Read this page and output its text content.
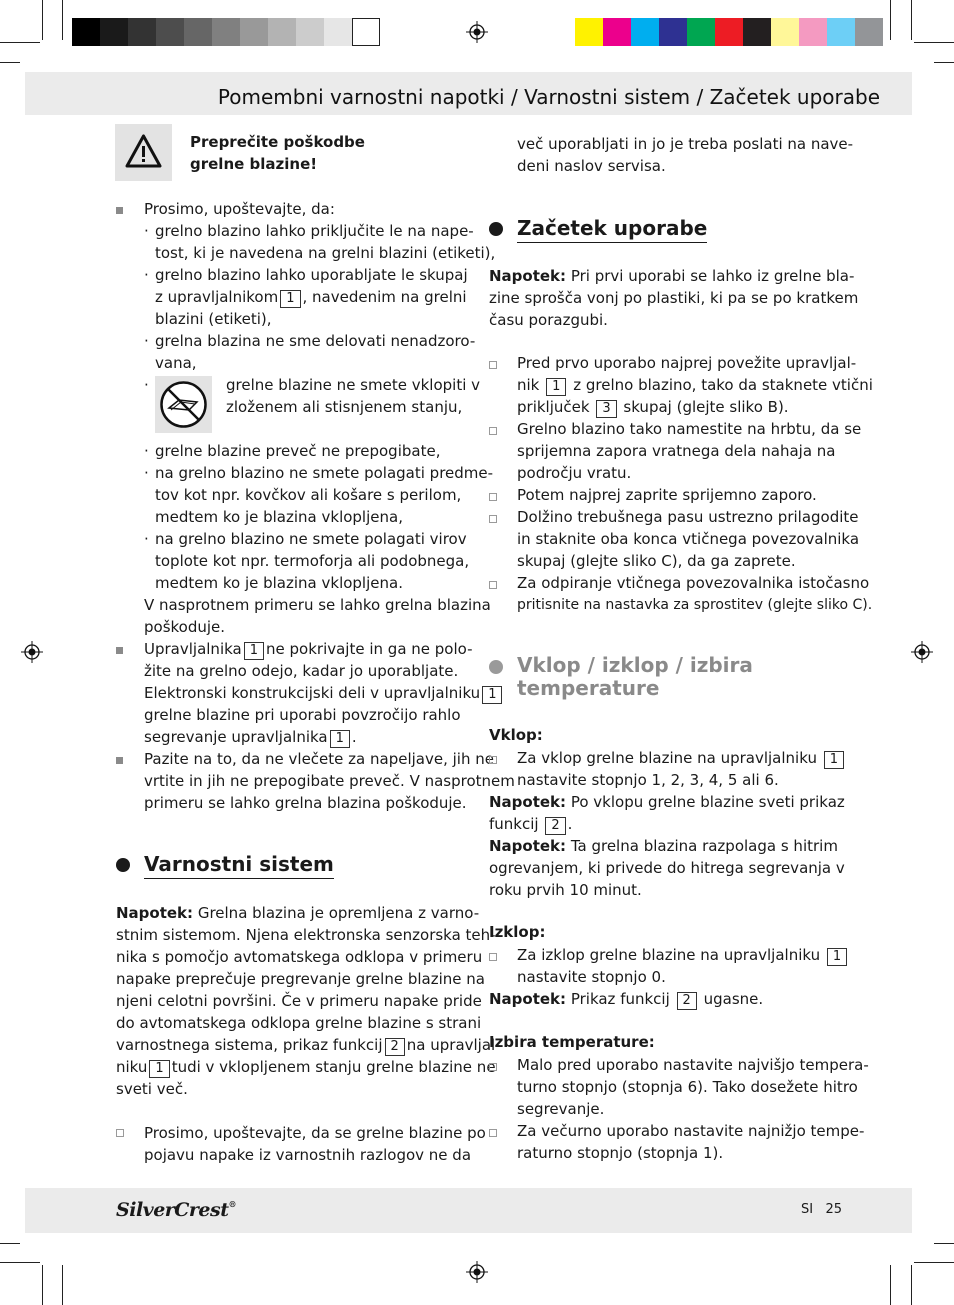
Pomembni varnostni napotki / Varnostni sistem / Začetek uporabe
Preprečite poškodbe
grelne blazine!
Prosimo, upoštevajte, da:
· grelno blazino lahko priključite le na nape-
tost, ki je navedena na grelni blazini (etiketi),
· grelno blazino lahko uporabljate le skupaj
z upravljalnikom 1 , navedenim na grelni
blazini (etiketi),
· grelna blazina ne sme delovati nenadzoro-
vana,
·	grelne blazine ne smete vklopiti v
zloženem ali stisnjenem stanju,
· grelne blazine preveč ne prepogibate,
· na grelno blazino ne smete polagati predme-
tov kot npr. kovčkov ali košare s perilom,
medtem ko je blazina vklopljena,
· na grelno blazino ne smete polagati virov
toplote kot npr. termoforja ali podobnega,
medtem ko je blazina vklopljena.
V nasprotnem primeru se lahko grelna blazina
poškoduje.
Upravljalnika 1 ne pokrivajte in ga ne polo-
žite na grelno odejo, kadar jo uporabljate.
Elektronski konstrukcijski deli v upravljalniku 1
grelne blazine pri uporabi povzročijo rahlo
segrevanje upravljalnika 1 .
Pazite na to, da ne vlečete za napeljave, jih ne
vrtite in jih ne prepogibate preveč. V nasprotnem
primeru se lahko grelna blazina poškoduje.
Varnostni sistem
Napotek: Grelna blazina je opremljena z varno-
stnim sistemom. Njena elektronska senzorska teh-
nika s pomočjo avtomatskega odklopa v primeru
napake preprečuje pregrevanje grelne blazine na
njeni celotni površini. Če v primeru napake pride
do avtomatskega odklopa grelne blazine s strani
varnostnega sistema, prikaz funkcij 2 na upravljal-
niku 1 tudi v vklopljenem stanju grelne blazine ne
sveti več.
Prosimo, upoštevajte, da se grelne blazine po
pojavu napake iz varnostnih razlogov ne da
več uporabljati in jo je treba poslati na nave-
deni naslov servisa.
Začetek uporabe
Napotek: Pri prvi uporabi se lahko iz grelne bla-
zine sprošča vonj po plastiki, ki pa se po kratkem
času porazgubi.
Pred prvo uporabo najprej povežite upravljal-
nik 1 z grelno blazino, tako da staknete vtični
priključek 3 skupaj (glejte sliko B).
Grelno blazino tako namestite na hrbtu, da se
sprijemna zapora vratnega dela nahaja na
področju vratu.
Potem najprej zaprite sprijemno zaporo.
Dolžino trebušnega pasu ustrezno prilagodite
in staknite oba konca vtičnega povezovalnika
skupaj (glejte sliko C), da ga zaprete.
Za odpiranje vtičnega povezovalnika istočasno
pritisnite na nastavka za sprostitev (glejte sliko C).
Vklop / izklop / izbira
temperature
Vklop:
Za vklop grelne blazine na upravljalniku 1
nastavite stopnjo 1, 2, 3, 4, 5 ali 6.
Napotek: Po vklopu grelne blazine sveti prikaz
funkcij 2 .
Napotek: Ta grelna blazina razpolaga s hitrim
ogrevanjem, ki privede do hitrega segrevanja v
roku prvih 10 minut.
Izklop:
Za izklop grelne blazine na upravljalniku 1
nastavite stopnjo 0.
Napotek: Prikaz funkcij 2 ugasne.
Izbira temperature:
Malo pred uporabo nastavite najvišjo tempera-
turno stopnjo (stopnja 6). Tako dosežete hitro
segrevanje.
Za večurno uporabo nastavite najnižjo tempe-
raturno stopnjo (stopnja 1).
SilverCrest®	SI 25
